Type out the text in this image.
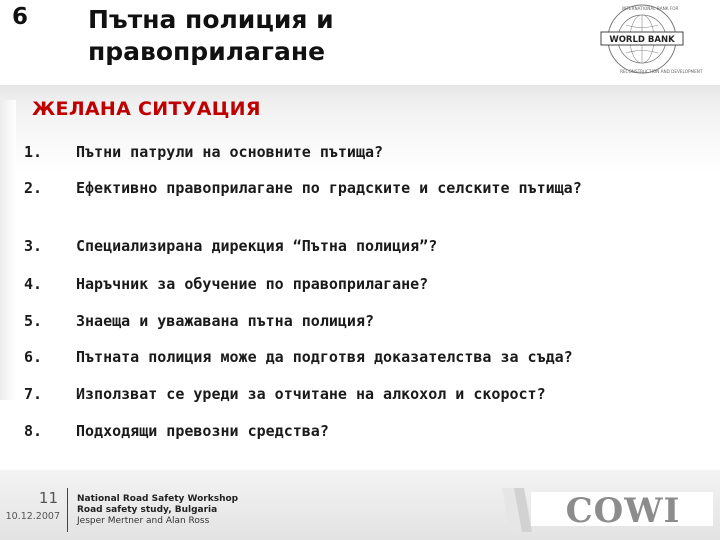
6 Пътна полиция и
правоприлагане
INTERNATIONAL BANK FOR
RECONSTRUCTION AND DEVELOPMENT
WORLD BANK
ЖЕЛАНА СИТУАЦИЯ
1.	Пътни патрули на основните пътища?
2.	Ефективно правоприлагане по градските и селските пътища?
3.	Специализирана дирекция “Пътна полиция”?
4.	Наръчник за обучение по правоприлагане?
5.	Знаеща и уважавана пътна полиция?
6.	Пътната полиция може да подготвя доказателства за съда?
7.	Използват се уреди за отчитане на алкохол и скорост?
8.	Подходящи превозни средства?
11
10.12.2007
National Road Safety Workshop
Road safety study, Bulgaria
Jesper Mertner and Alan Ross	COWI
